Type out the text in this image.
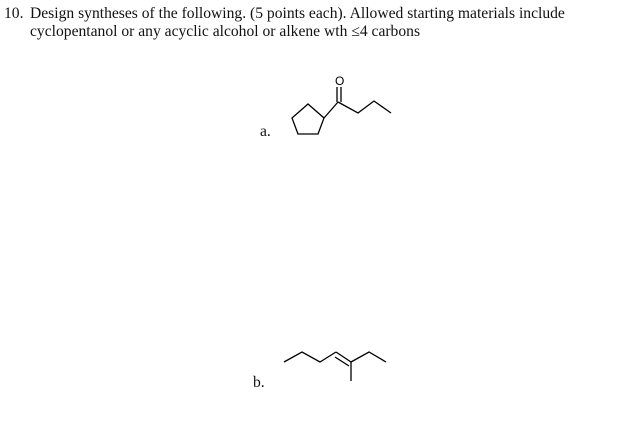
10. Design syntheses of the following. (5 points each). Allowed starting materials include
cyclopentanol or any acyclic alcohol or alkene wth ≤4 carbons
a.
O
b.
